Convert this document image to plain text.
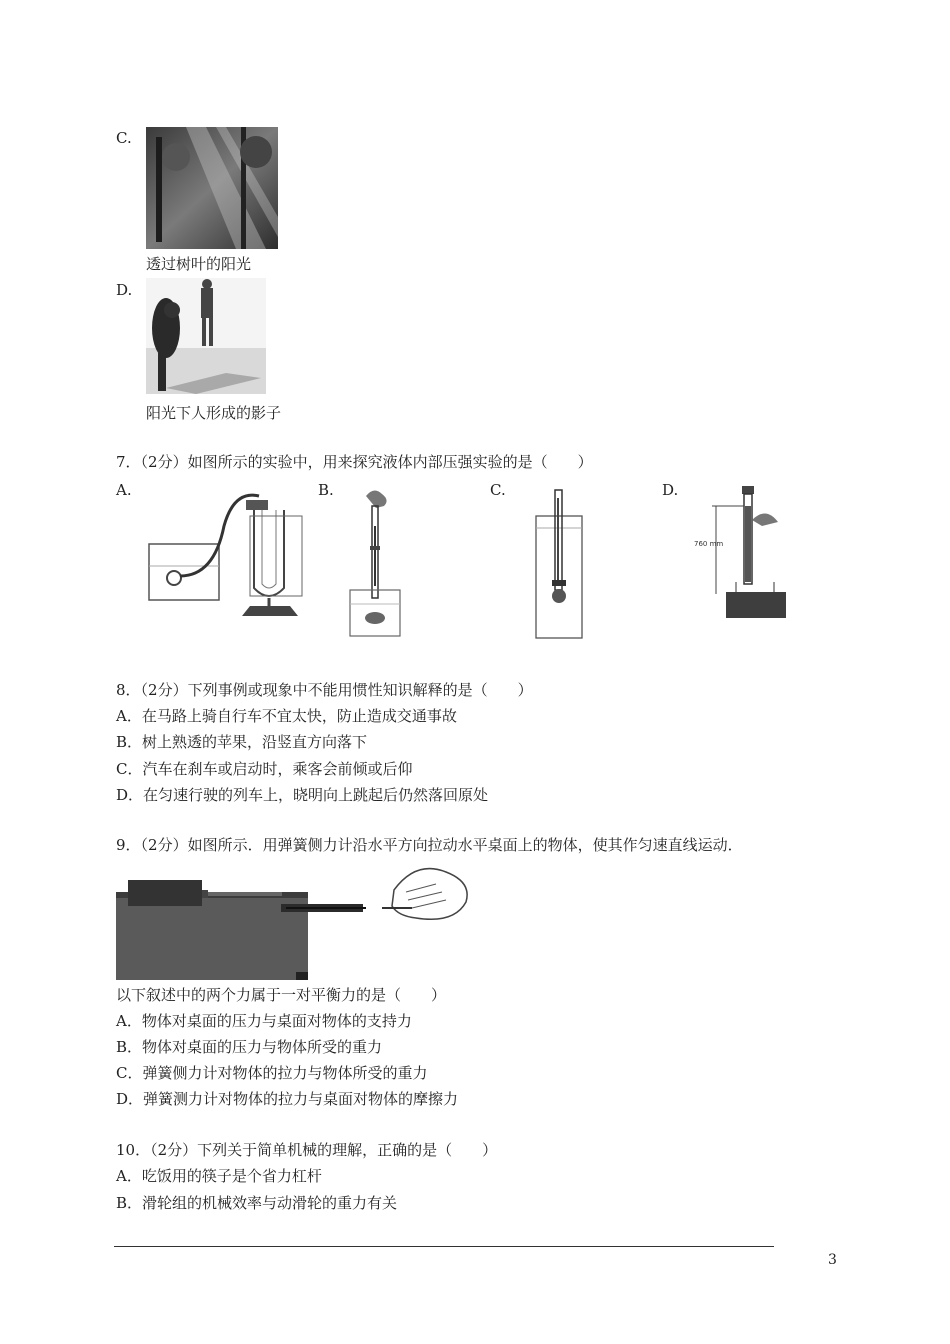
C.
透过树叶的阳光
D.
阳光下人形成的影子
7．（2分）如图所示的实验中，用来探究液体内部压强实验的是（　　）
A.	B.	C.	D.
760 mm
8．（2分）下列事例或现象中不能用惯性知识解释的是（　　）
A．在马路上骑自行车不宜太快，防止造成交通事故
B．树上熟透的苹果，沿竖直方向落下
C．汽车在刹车或启动时，乘客会前倾或后仰
D．在匀速行驶的列车上，晓明向上跳起后仍然落回原处
9．（2分）如图所示．用弹簧侧力计沿水平方向拉动水平桌面上的物体，使其作匀速直线运动．
以下叙述中的两个力属于一对平衡力的是（　　）
A．物体对桌面的压力与桌面对物体的支持力
B．物体对桌面的压力与物体所受的重力
C．弹簧侧力计对物体的拉力与物体所受的重力
D．弹簧测力计对物体的拉力与桌面对物体的摩擦力
10．（2分）下列关于简单机械的理解，正确的是（　　）
A．吃饭用的筷子是个省力杠杆
B．滑轮组的机械效率与动滑轮的重力有关
3
